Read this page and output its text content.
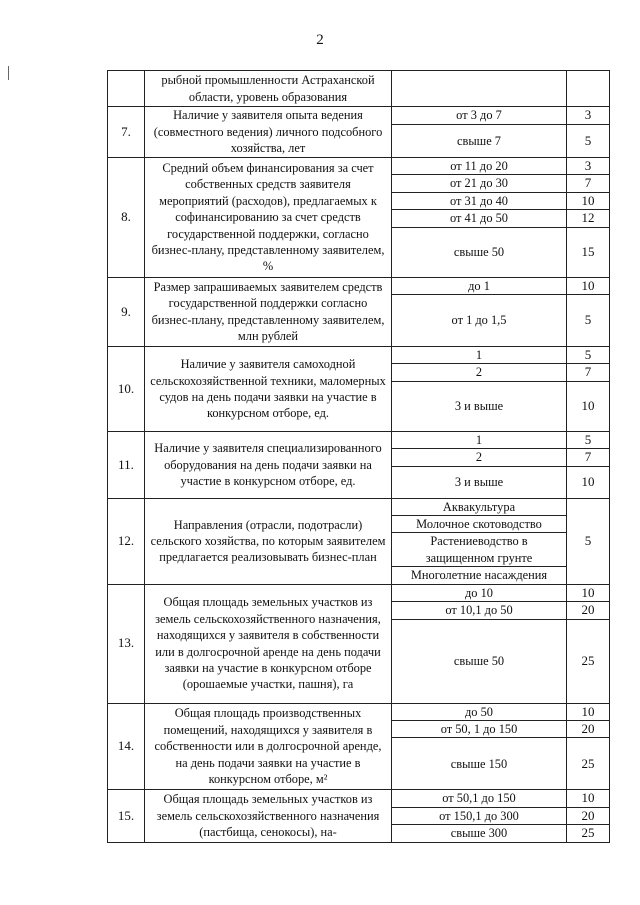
2
	рыбной промышленности Астраханской области, уровень образования		
7.	Наличие у заявителя опыта ведения (совместного ведения) личного подсобного хозяйства, лет	от 3 до 7	3
		свыше 7	5
8.	Средний объем финансирования за счет собственных средств заявителя мероприятий (расходов), предлагаемых к софинансированию за счет средств государственной поддержки, согласно бизнес-плану, представленному заявителем, %	от 11 до 20	3
		от 21 до 30	7
		от 31 до 40	10
		от 41 до 50	12
		свыше 50	15
9.	Размер запрашиваемых заявителем средств государственной поддержки согласно бизнес-плану, представленному заявителем, млн рублей	до 1	10
		от 1 до 1,5	5
10.	Наличие у заявителя самоходной сельскохозяйственной техники, маломерных судов на день подачи заявки на участие в конкурсном отборе, ед.	1	5
		2	7
		3 и выше	10
11.	Наличие у заявителя специализированного оборудования на день подачи заявки на участие в конкурсном отборе, ед.	1	5
		2	7
		3 и выше	10
12.	Направления (отрасли, подотрасли) сельского хозяйства, по которым заявителем предлагается реализовывать бизнес-план	Аквакультура	5
		Молочное скотоводство	
		Растениеводство в защищенном грунте	
		Многолетние насаждения	
13.	Общая площадь земельных участков из земель сельскохозяйственного назначения, находящихся у заявителя в собственности или в долгосрочной аренде на день подачи заявки на участие в конкурсном отборе (орошаемые участки, пашня), га	до 10	10
		от 10,1 до 50	20
		свыше 50	25
14.	Общая площадь производственных помещений, находящихся у заявителя в собственности или в долгосрочной аренде, на день подачи заявки на участие в конкурсном отборе, м²	до 50	10
		от 50, 1 до 150	20
		свыше 150	25
15.	Общая площадь земельных участков из земель сельскохозяйственного назначения (пастбища, сенокосы), на-	от 50,1 до 150	10
		от 150,1 до 300	20
		свыше 300	25
